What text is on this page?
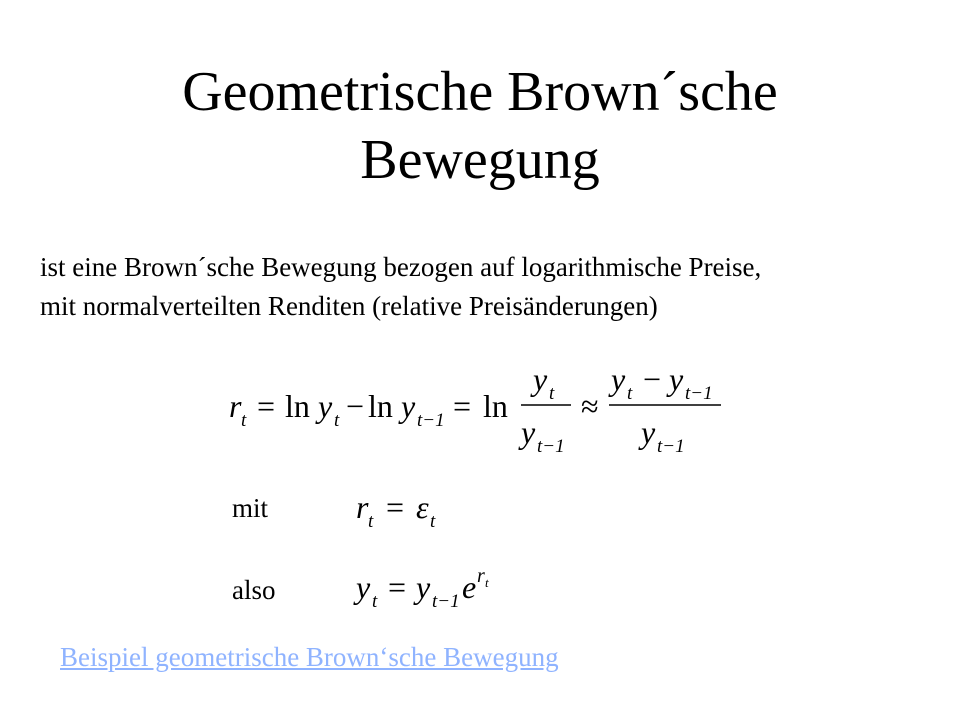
Geometrische Brown´sche
Bewegung
ist eine Brown´sche Bewegung bezogen auf logarithmische Preise,
mit normalverteilten Renditen (relative Preisänderungen)
r t = ln y t − ln y t−1 = ln
y t
y t−1
≈
y t − y t−1
y t−1
mit	r t = ε t
also	y t = y t−1 e r t
Beispiel geometrische Brown‘sche Bewegung
